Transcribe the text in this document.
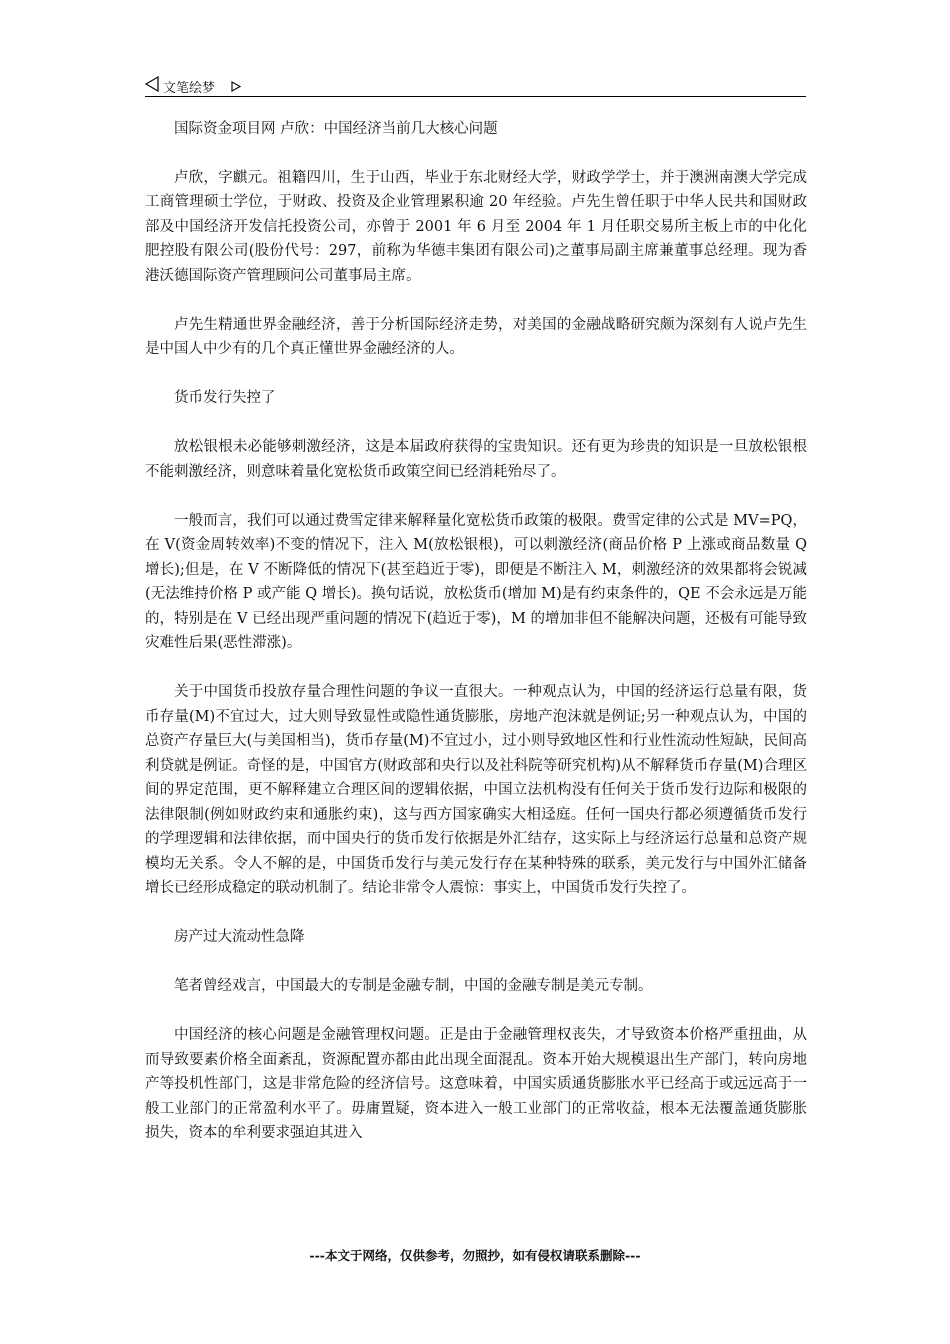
文笔绘梦

国际资金项目网 卢欣：中国经济当前几大核心问题

卢欣，字麒元。祖籍四川，生于山西，毕业于东北财经大学，财政学学士，并于澳洲南澳大学完成工商管理硕士学位，于财政、投资及企业管理累积逾 20 年经验。卢先生曾任职于中华人民共和国财政部及中国经济开发信托投资公司，亦曾于 2001 年 6 月至 2004 年 1 月任职交易所主板上市的中化化肥控股有限公司(股份代号：297，前称为华德丰集团有限公司)之董事局副主席兼董事总经理。现为香港沃德国际资产管理顾问公司董事局主席。

卢先生精通世界金融经济，善于分析国际经济走势，对美国的金融战略研究颇为深刻有人说卢先生是中国人中少有的几个真正懂世界金融经济的人。

货币发行失控了

放松银根未必能够刺激经济，这是本届政府获得的宝贵知识。还有更为珍贵的知识是一旦放松银根不能刺激经济，则意味着量化宽松货币政策空间已经消耗殆尽了。

一般而言，我们可以通过费雪定律来解释量化宽松货币政策的极限。费雪定律的公式是 MV=PQ，在 V(资金周转效率)不变的情况下，注入 M(放松银根)，可以刺激经济(商品价格 P 上涨或商品数量 Q 增长);但是，在 V 不断降低的情况下(甚至趋近于零)，即便是不断注入 M，刺激经济的效果都将会锐减(无法维持价格 P 或产能 Q 增长)。换句话说，放松货币(增加 M)是有约束条件的，QE 不会永远是万能的，特别是在 V 已经出现严重问题的情况下(趋近于零)，M 的增加非但不能解决问题，还极有可能导致灾难性后果(恶性滞涨)。

关于中国货币投放存量合理性问题的争议一直很大。一种观点认为，中国的经济运行总量有限，货币存量(M)不宜过大，过大则导致显性或隐性通货膨胀，房地产泡沫就是例证;另一种观点认为，中国的总资产存量巨大(与美国相当)，货币存量(M)不宜过小，过小则导致地区性和行业性流动性短缺，民间高利贷就是例证。奇怪的是，中国官方(财政部和央行以及社科院等研究机构)从不解释货币存量(M)合理区间的界定范围，更不解释建立合理区间的逻辑依据，中国立法机构没有任何关于货币发行边际和极限的法律限制(例如财政约束和通胀约束)，这与西方国家确实大相迳庭。任何一国央行都必须遵循货币发行的学理逻辑和法律依据，而中国央行的货币发行依据是外汇结存，这实际上与经济运行总量和总资产规模均无关系。令人不解的是，中国货币发行与美元发行存在某种特殊的联系，美元发行与中国外汇储备增长已经形成稳定的联动机制了。结论非常令人震惊：事实上，中国货币发行失控了。

房产过大流动性急降

笔者曾经戏言，中国最大的专制是金融专制，中国的金融专制是美元专制。

中国经济的核心问题是金融管理权问题。正是由于金融管理权丧失，才导致资本价格严重扭曲，从而导致要素价格全面紊乱，资源配置亦都由此出现全面混乱。资本开始大规模退出生产部门，转向房地产等投机性部门，这是非常危险的经济信号。这意味着，中国实质通货膨胀水平已经高于或远远高于一般工业部门的正常盈利水平了。毋庸置疑，资本进入一般工业部门的正常收益，根本无法覆盖通货膨胀损失，资本的牟利要求强迫其进入

---本文于网络，仅供参考，勿照抄，如有侵权请联系删除---
